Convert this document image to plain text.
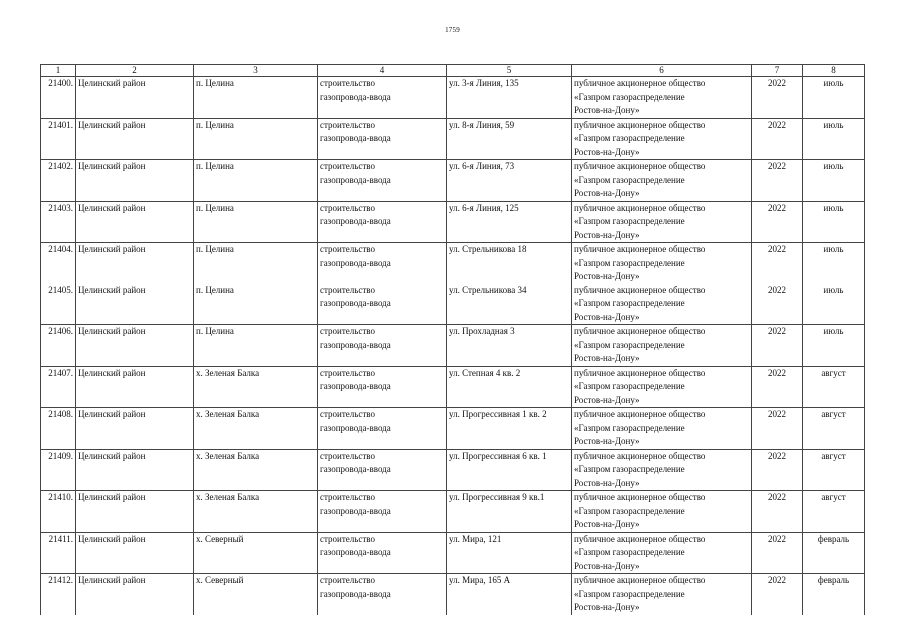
1759
1	2	3	4	5	6	7	8
21400.	Целинский район	п. Целина	строительство
газопровода-ввода	ул. 3-я Линия, 135	публичное акционерное общество
«Газпром газораспределение
Ростов-на-Дону»	2022	июль
21401.	Целинский район	п. Целина	строительство
газопровода-ввода	ул. 8-я Линия, 59	публичное акционерное общество
«Газпром газораспределение
Ростов-на-Дону»	2022	июль
21402.	Целинский район	п. Целина	строительство
газопровода-ввода	ул. 6-я Линия, 73	публичное акционерное общество
«Газпром газораспределение
Ростов-на-Дону»	2022	июль
21403.	Целинский район	п. Целина	строительство
газопровода-ввода	ул. 6-я Линия, 125	публичное акционерное общество
«Газпром газораспределение
Ростов-на-Дону»	2022	июль
21404.	Целинский район	п. Целина	строительство
газопровода-ввода	ул. Стрельникова 18	публичное акционерное общество
«Газпром газораспределение
Ростов-на-Дону»	2022	июль
21405.	Целинский район	п. Целина	строительство
газопровода-ввода	ул. Стрельникова 34	публичное акционерное общество
«Газпром газораспределение
Ростов-на-Дону»	2022	июль
21406.	Целинский район	п. Целина	строительство
газопровода-ввода	ул. Прохладная 3	публичное акционерное общество
«Газпром газораспределение
Ростов-на-Дону»	2022	июль
21407.	Целинский район	х. Зеленая Балка	строительство
газопровода-ввода	ул. Степная 4 кв. 2	публичное акционерное общество
«Газпром газораспределение
Ростов-на-Дону»	2022	август
21408.	Целинский район	х. Зеленая Балка	строительство
газопровода-ввода	ул. Прогрессивная 1 кв. 2	публичное акционерное общество
«Газпром газораспределение
Ростов-на-Дону»	2022	август
21409.	Целинский район	х. Зеленая Балка	строительство
газопровода-ввода	ул. Прогрессивная 6 кв. 1	публичное акционерное общество
«Газпром газораспределение
Ростов-на-Дону»	2022	август
21410.	Целинский район	х. Зеленая Балка	строительство
газопровода-ввода	ул. Прогрессивная 9 кв.1	публичное акционерное общество
«Газпром газораспределение
Ростов-на-Дону»	2022	август
21411.	Целинский район	х. Северный	строительство
газопровода-ввода	ул. Мира, 121	публичное акционерное общество
«Газпром газораспределение
Ростов-на-Дону»	2022	февраль
21412.	Целинский район	х. Северный	строительство
газопровода-ввода	ул. Мира, 165 А	публичное акционерное общество
«Газпром газораспределение
Ростов-на-Дону»	2022	февраль
